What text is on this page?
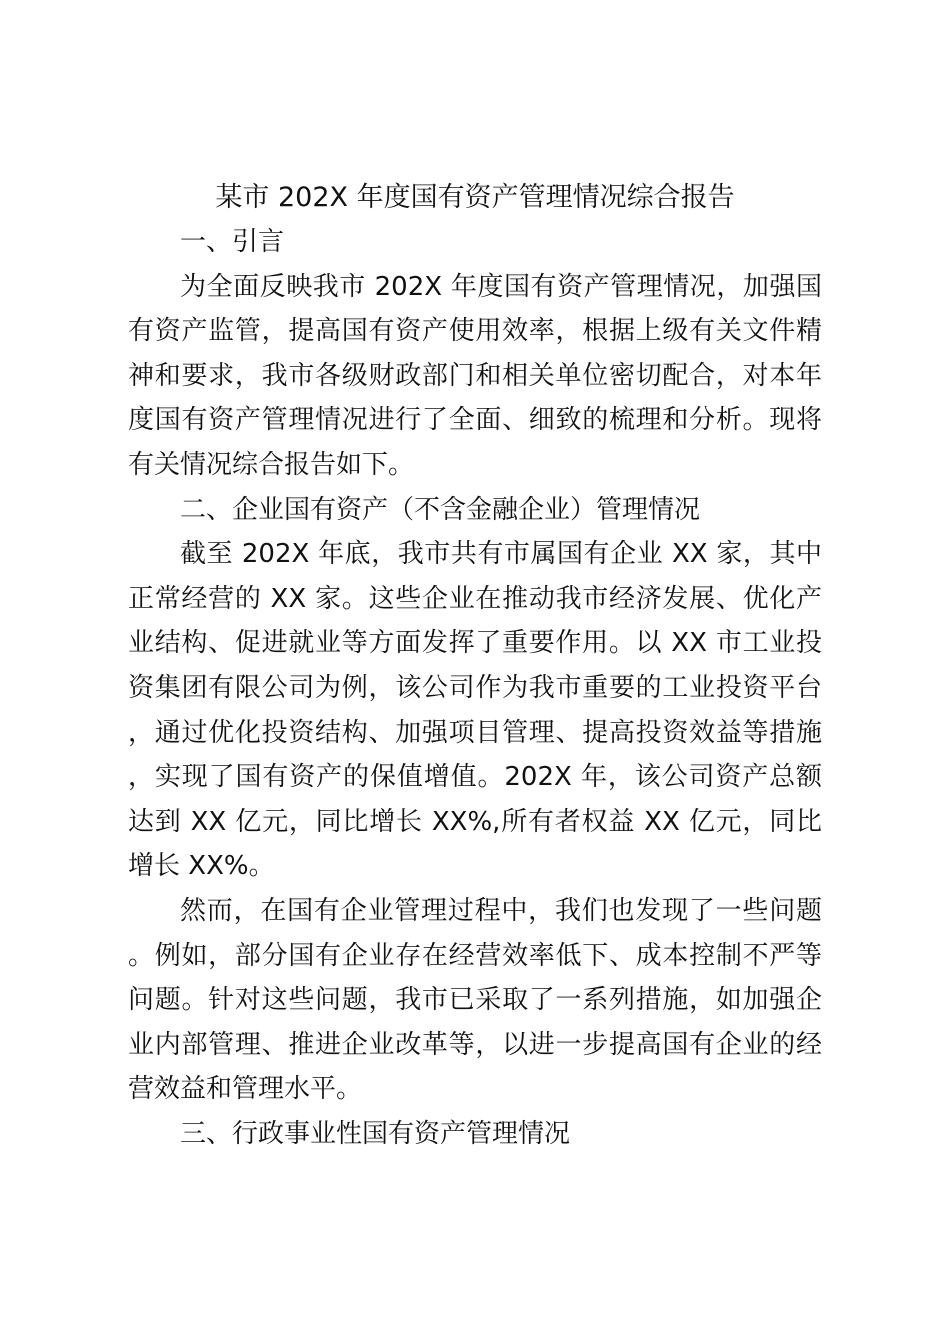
某市 202X 年度国有资产管理情况综合报告
一、引言

为全面反映我市 202X 年度国有资产管理情况，加强国有资产监管，提高国有资产使用效率，根据上级有关文件精神和要求，我市各级财政部门和相关单位密切配合，对本年度国有资产管理情况进行了全面、细致的梳理和分析。现将有关情况综合报告如下。

二、企业国有资产（不含金融企业）管理情况

截至 202X 年底，我市共有市属国有企业 XX 家，其中正常经营的 XX 家。这些企业在推动我市经济发展、优化产业结构、促进就业等方面发挥了重要作用。以 XX 市工业投资集团有限公司为例，该公司作为我市重要的工业投资平台，通过优化投资结构、加强项目管理、提高投资效益等措施，实现了国有资产的保值增值。202X 年，该公司资产总额达到 XX 亿元，同比增长 XX%,所有者权益 XX 亿元，同比增长 XX%。

然而，在国有企业管理过程中，我们也发现了一些问题。例如，部分国有企业存在经营效率低下、成本控制不严等问题。针对这些问题，我市已采取了一系列措施，如加强企业内部管理、推进企业改革等，以进一步提高国有企业的经营效益和管理水平。

三、行政事业性国有资产管理情况
